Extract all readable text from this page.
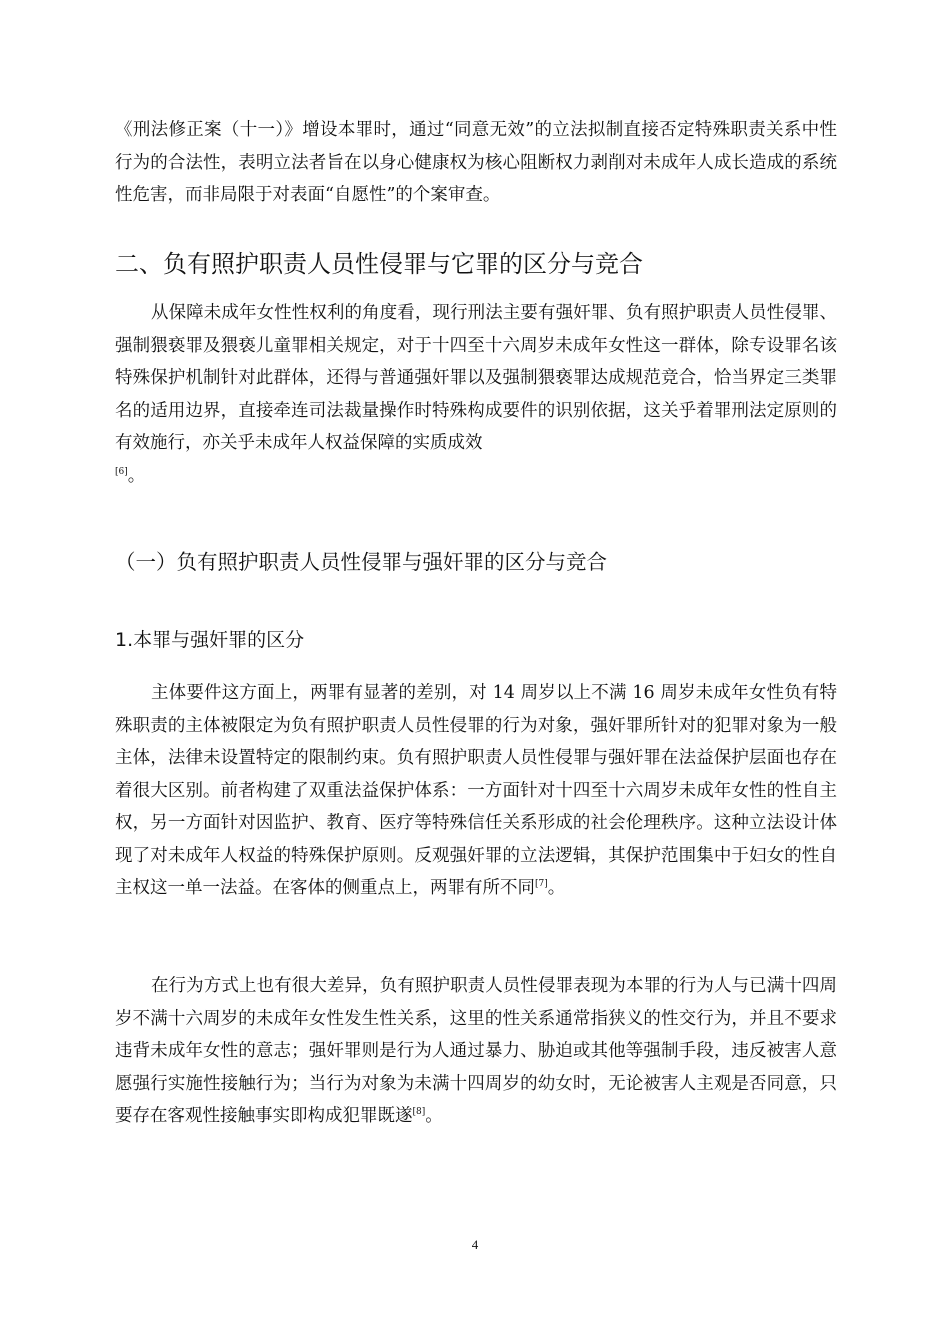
《刑法修正案（十一）》增设本罪时，通过“同意无效”的立法拟制直接否定特殊职责关系中性行为的合法性，表明立法者旨在以身心健康权为核心阻断权力剥削对未成年人成长造成的系统性危害，而非局限于对表面“自愿性”的个案审查。

二、负有照护职责人员性侵罪与它罪的区分与竞合

从保障未成年女性性权利的角度看，现行刑法主要有强奸罪、负有照护职责人员性侵罪、强制猥亵罪及猥亵儿童罪相关规定，对于十四至十六周岁未成年女性这一群体，除专设罪名该特殊保护机制针对此群体，还得与普通强奸罪以及强制猥亵罪达成规范竞合，恰当界定三类罪名的适用边界，直接牵连司法裁量操作时特殊构成要件的识别依据，这关乎着罪刑法定原则的有效施行，亦关乎未成年人权益保障的实质成效
[6]。

（一）负有照护职责人员性侵罪与强奸罪的区分与竞合
1.本罪与强奸罪的区分

主体要件这方面上，两罪有显著的差别，对 14 周岁以上不满 16 周岁未成年女性负有特殊职责的主体被限定为负有照护职责人员性侵罪的行为对象，强奸罪所针对的犯罪对象为一般主体，法律未设置特定的限制约束。负有照护职责人员性侵罪与强奸罪在法益保护层面也存在着很大区别。前者构建了双重法益保护体系：一方面针对十四至十六周岁未成年女性的性自主权，另一方面针对因监护、教育、医疗等特殊信任关系形成的社会伦理秩序。这种立法设计体现了对未成年人权益的特殊保护原则。反观强奸罪的立法逻辑，其保护范围集中于妇女的性自主权这一单一法益。在客体的侧重点上，两罪有所不同[7]。

在行为方式上也有很大差异，负有照护职责人员性侵罪表现为本罪的行为人与已满十四周岁不满十六周岁的未成年女性发生性关系，这里的性关系通常指狭义的性交行为，并且不要求违背未成年女性的意志；强奸罪则是行为人通过暴力、胁迫或其他等强制手段，违反被害人意愿强行实施性接触行为；当行为对象为未满十四周岁的幼女时，无论被害人主观是否同意，只要存在客观性接触事实即构成犯罪既遂[8]。

4
